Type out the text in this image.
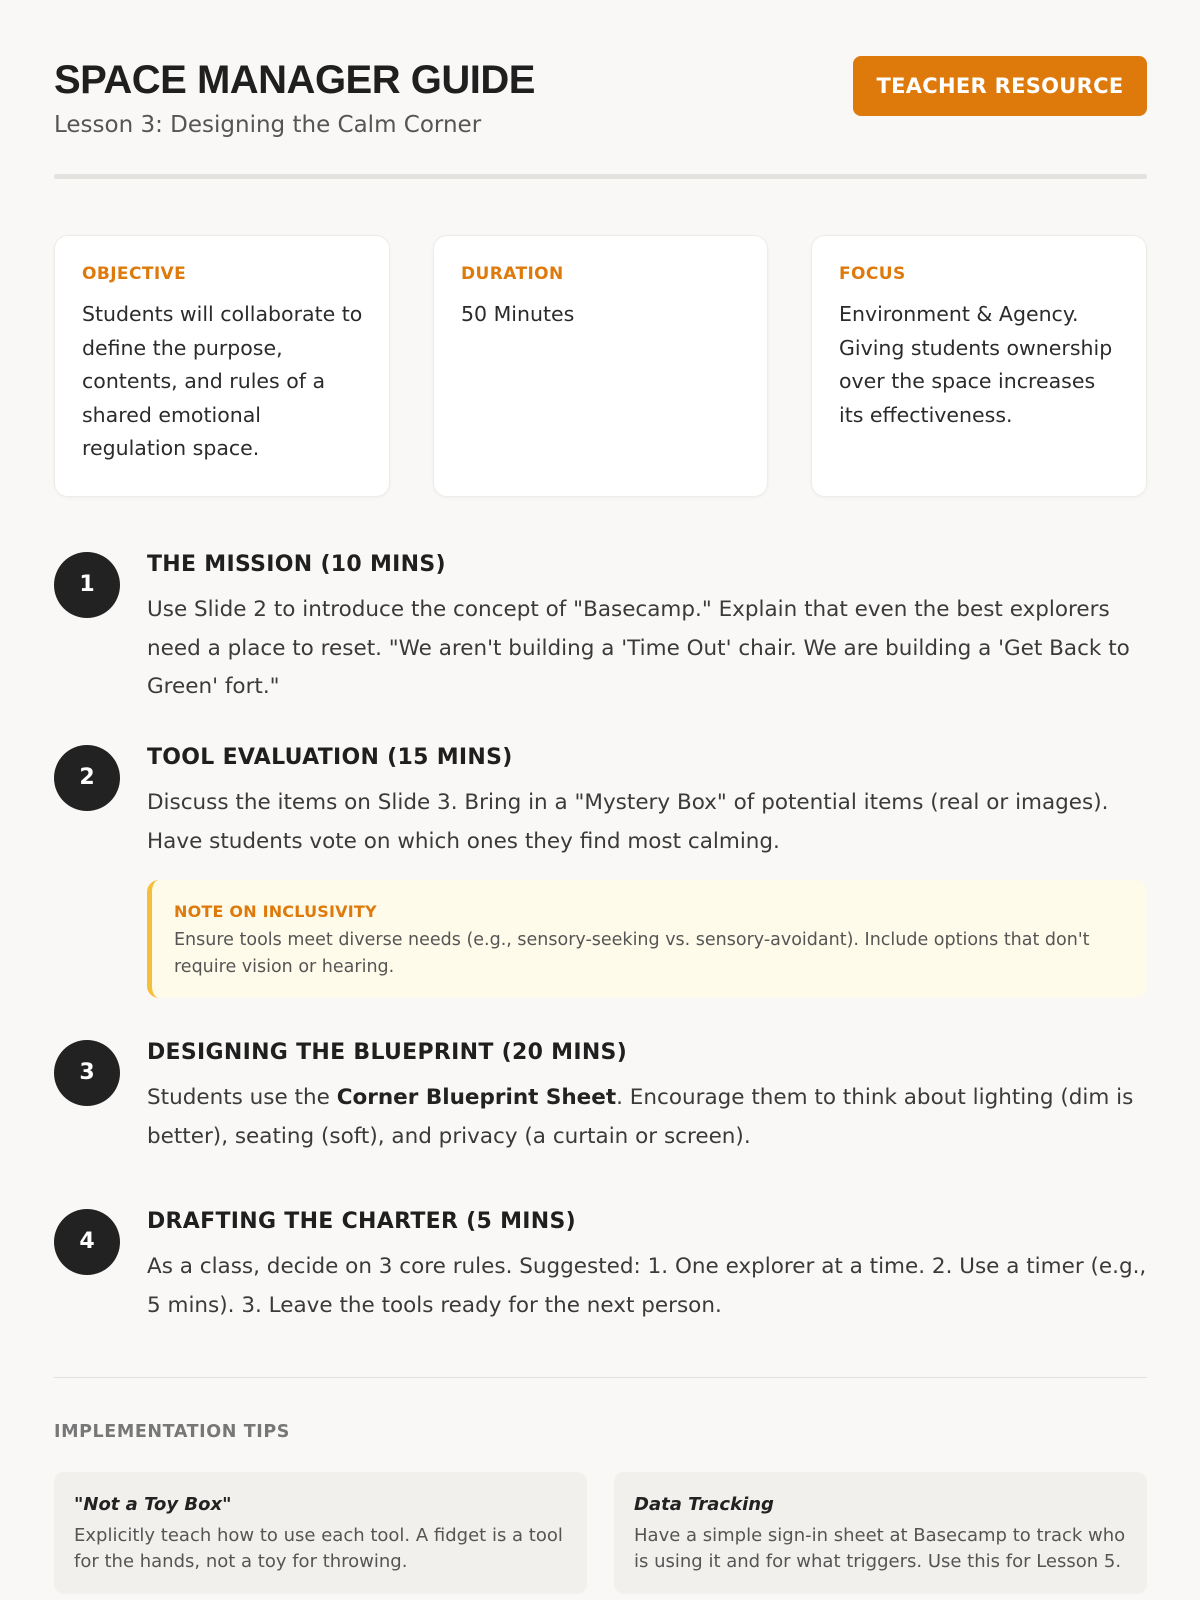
SPACE MANAGER GUIDE
Lesson 3: Designing the Calm Corner
TEACHER RESOURCE
OBJECTIVE
Students will collaborate to define the purpose, contents, and rules of a shared emotional regulation space.
DURATION
50 Minutes
FOCUS
Environment & Agency. Giving students ownership over the space increases its effectiveness.
1
THE MISSION (10 MINS)
Use Slide 2 to introduce the concept of "Basecamp." Explain that even the best explorers need a place to reset. "We aren't building a 'Time Out' chair. We are building a 'Get Back to Green' fort."
2
TOOL EVALUATION (15 MINS)
Discuss the items on Slide 3. Bring in a "Mystery Box" of potential items (real or images). Have students vote on which ones they find most calming.
NOTE ON INCLUSIVITY
Ensure tools meet diverse needs (e.g., sensory-seeking vs. sensory-avoidant). Include options that don't require vision or hearing.
3
DESIGNING THE BLUEPRINT (20 MINS)
Students use the Corner Blueprint Sheet. Encourage them to think about lighting (dim is better), seating (soft), and privacy (a curtain or screen).
4
DRAFTING THE CHARTER (5 MINS)
As a class, decide on 3 core rules. Suggested: 1. One explorer at a time. 2. Use a timer (e.g., 5 mins). 3. Leave the tools ready for the next person.
IMPLEMENTATION TIPS
"Not a Toy Box"
Explicitly teach how to use each tool. A fidget is a tool for the hands, not a toy for throwing.
Data Tracking
Have a simple sign-in sheet at Basecamp to track who is using it and for what triggers. Use this for Lesson 5.
